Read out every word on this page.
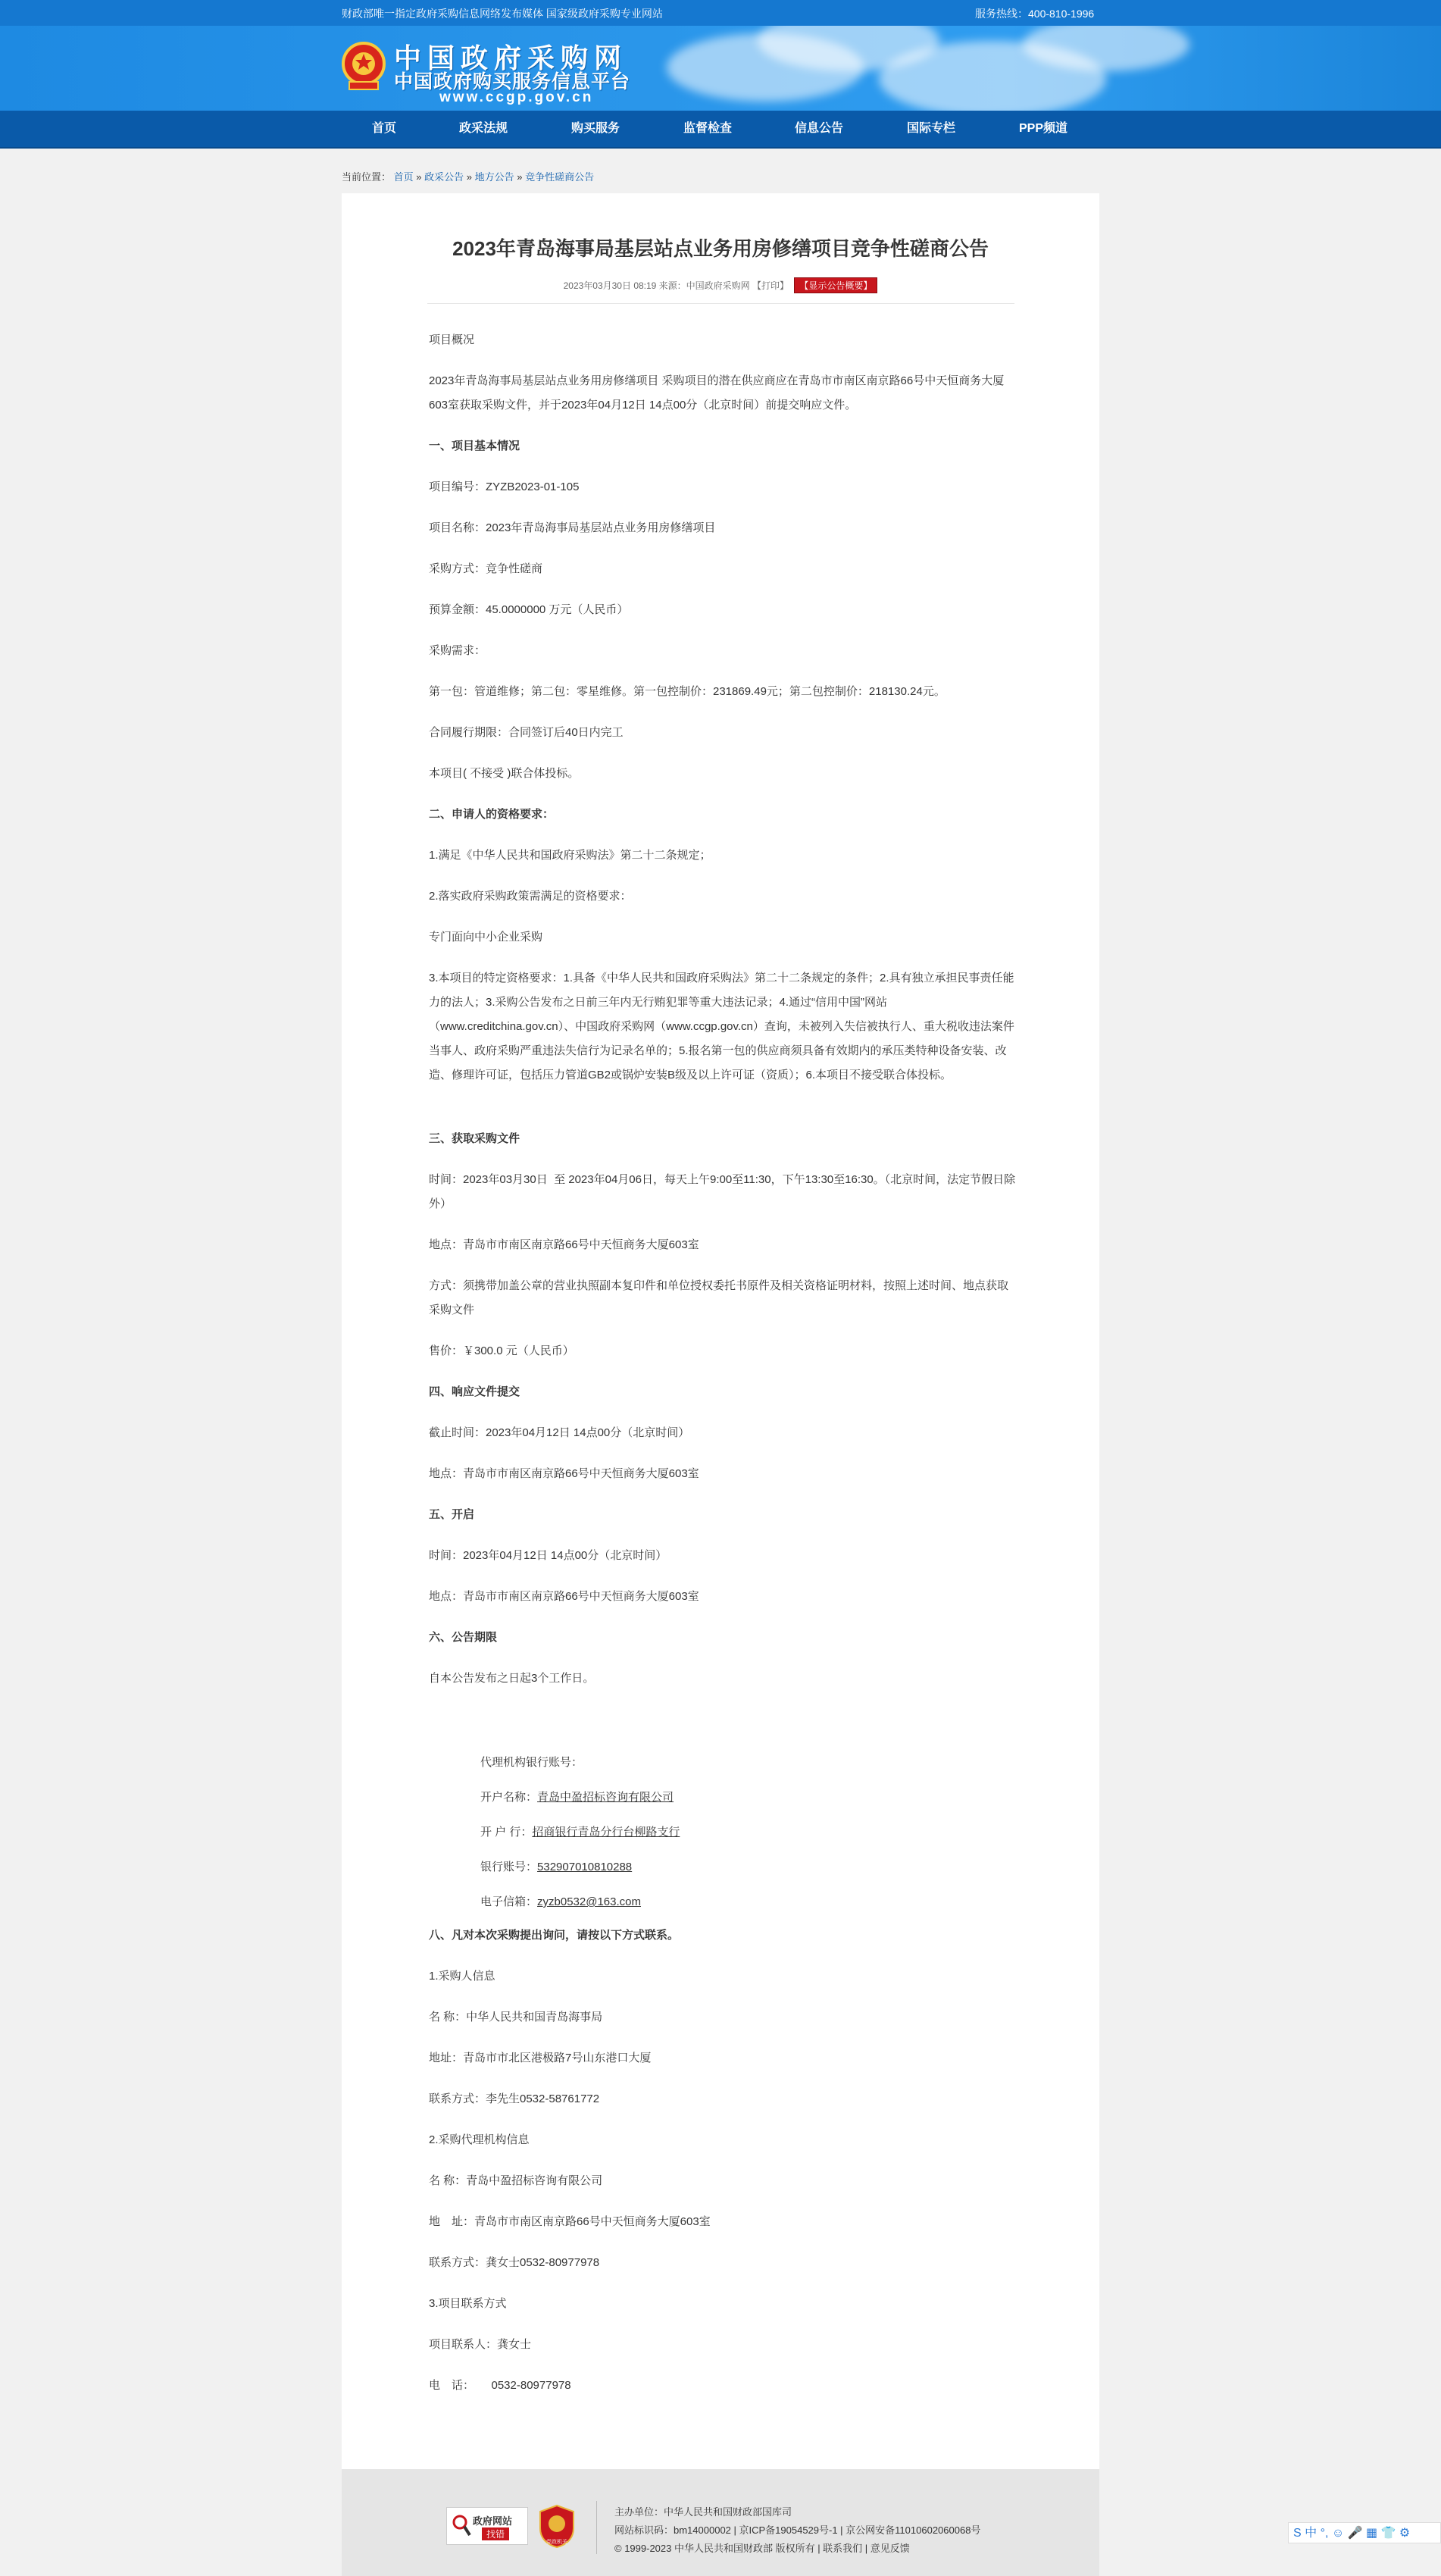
财政部唯一指定政府采购信息网络发布媒体 国家级政府采购专业网站	服务热线：400-810-1996
中国政府采购网
中国政府购买服务信息平台
www.ccgp.gov.cn
首页	政采法规	购买服务	监督检查	信息公告	国际专栏	PPP频道
当前位置： 首页 » 政采公告 » 地方公告 » 竞争性磋商公告
2023年青岛海事局基层站点业务用房修缮项目竞争性磋商公告
2023年03月30日 08:19 来源：中国政府采购网 【打印】 【显示公告概要】

项目概况

2023年青岛海事局基层站点业务用房修缮项目 采购项目的潜在供应商应在青岛市市南区南京路66号中天恒商务大厦603室获取采购文件，并于2023年04月12日 14点00分（北京时间）前提交响应文件。

一、项目基本情况

项目编号：ZYZB2023-01-105

项目名称：2023年青岛海事局基层站点业务用房修缮项目

采购方式：竞争性磋商

预算金额：45.0000000 万元（人民币）

采购需求：

第一包：管道维修；第二包：零星维修。第一包控制价：231869.49元；第二包控制价：218130.24元。

合同履行期限：合同签订后40日内完工

本项目( 不接受 )联合体投标。

二、申请人的资格要求：

1.满足《中华人民共和国政府采购法》第二十二条规定；

2.落实政府采购政策需满足的资格要求：

专门面向中小企业采购

3.本项目的特定资格要求：1.具备《中华人民共和国政府采购法》第二十二条规定的条件；2.具有独立承担民事责任能力的法人；3.采购公告发布之日前三年内无行贿犯罪等重大违法记录；4.通过“信用中国”网站（www.creditchina.gov.cn）、中国政府采购网（www.ccgp.gov.cn）查询，未被列入失信被执行人、重大税收违法案件当事人、政府采购严重违法失信行为记录名单的；5.报名第一包的供应商须具备有效期内的承压类特种设备安装、改造、修理许可证，包括压力管道GB2或锅炉安装B级及以上许可证（资质）；6.本项目不接受联合体投标。

三、获取采购文件

时间：2023年03月30日  至 2023年04月06日，每天上午9:00至11:30，下午13:30至16:30。（北京时间，法定节假日除外）

地点：青岛市市南区南京路66号中天恒商务大厦603室

方式：须携带加盖公章的营业执照副本复印件和单位授权委托书原件及相关资格证明材料，按照上述时间、地点获取采购文件

售价：￥300.0 元（人民币）

四、响应文件提交

截止时间：2023年04月12日 14点00分（北京时间）

地点：青岛市市南区南京路66号中天恒商务大厦603室

五、开启

时间：2023年04月12日 14点00分（北京时间）

地点：青岛市市南区南京路66号中天恒商务大厦603室

六、公告期限

自本公告发布之日起3个工作日。

代理机构银行账号：

开户名称：青岛中盈招标咨询有限公司

开 户 行：招商银行青岛分行台柳路支行

银行账号：532907010810288

电子信箱：zyzb0532@163.com

八、凡对本次采购提出询问，请按以下方式联系。

1.采购人信息

名 称：中华人民共和国青岛海事局

地址：青岛市市北区港极路7号山东港口大厦

联系方式：李先生0532-58761772

2.采购代理机构信息

名 称：青岛中盈招标咨询有限公司

地　址：青岛市市南区南京路66号中天恒商务大厦603室

联系方式：龚女士0532-80977978

3.项目联系方式

项目联系人：龚女士

电　话：　　0532-80977978

政府网站
找错
党政机关
主办单位：中华人民共和国财政部国库司
网站标识码：bm14000002 | 京ICP备19054529号-1 | 京公网安备11010602060068号
© 1999-2023 中华人民共和国财政部 版权所有 | 联系我们 | 意见反馈
S 中 °, ☺ 🎤 ▦ 👕 ⚙
